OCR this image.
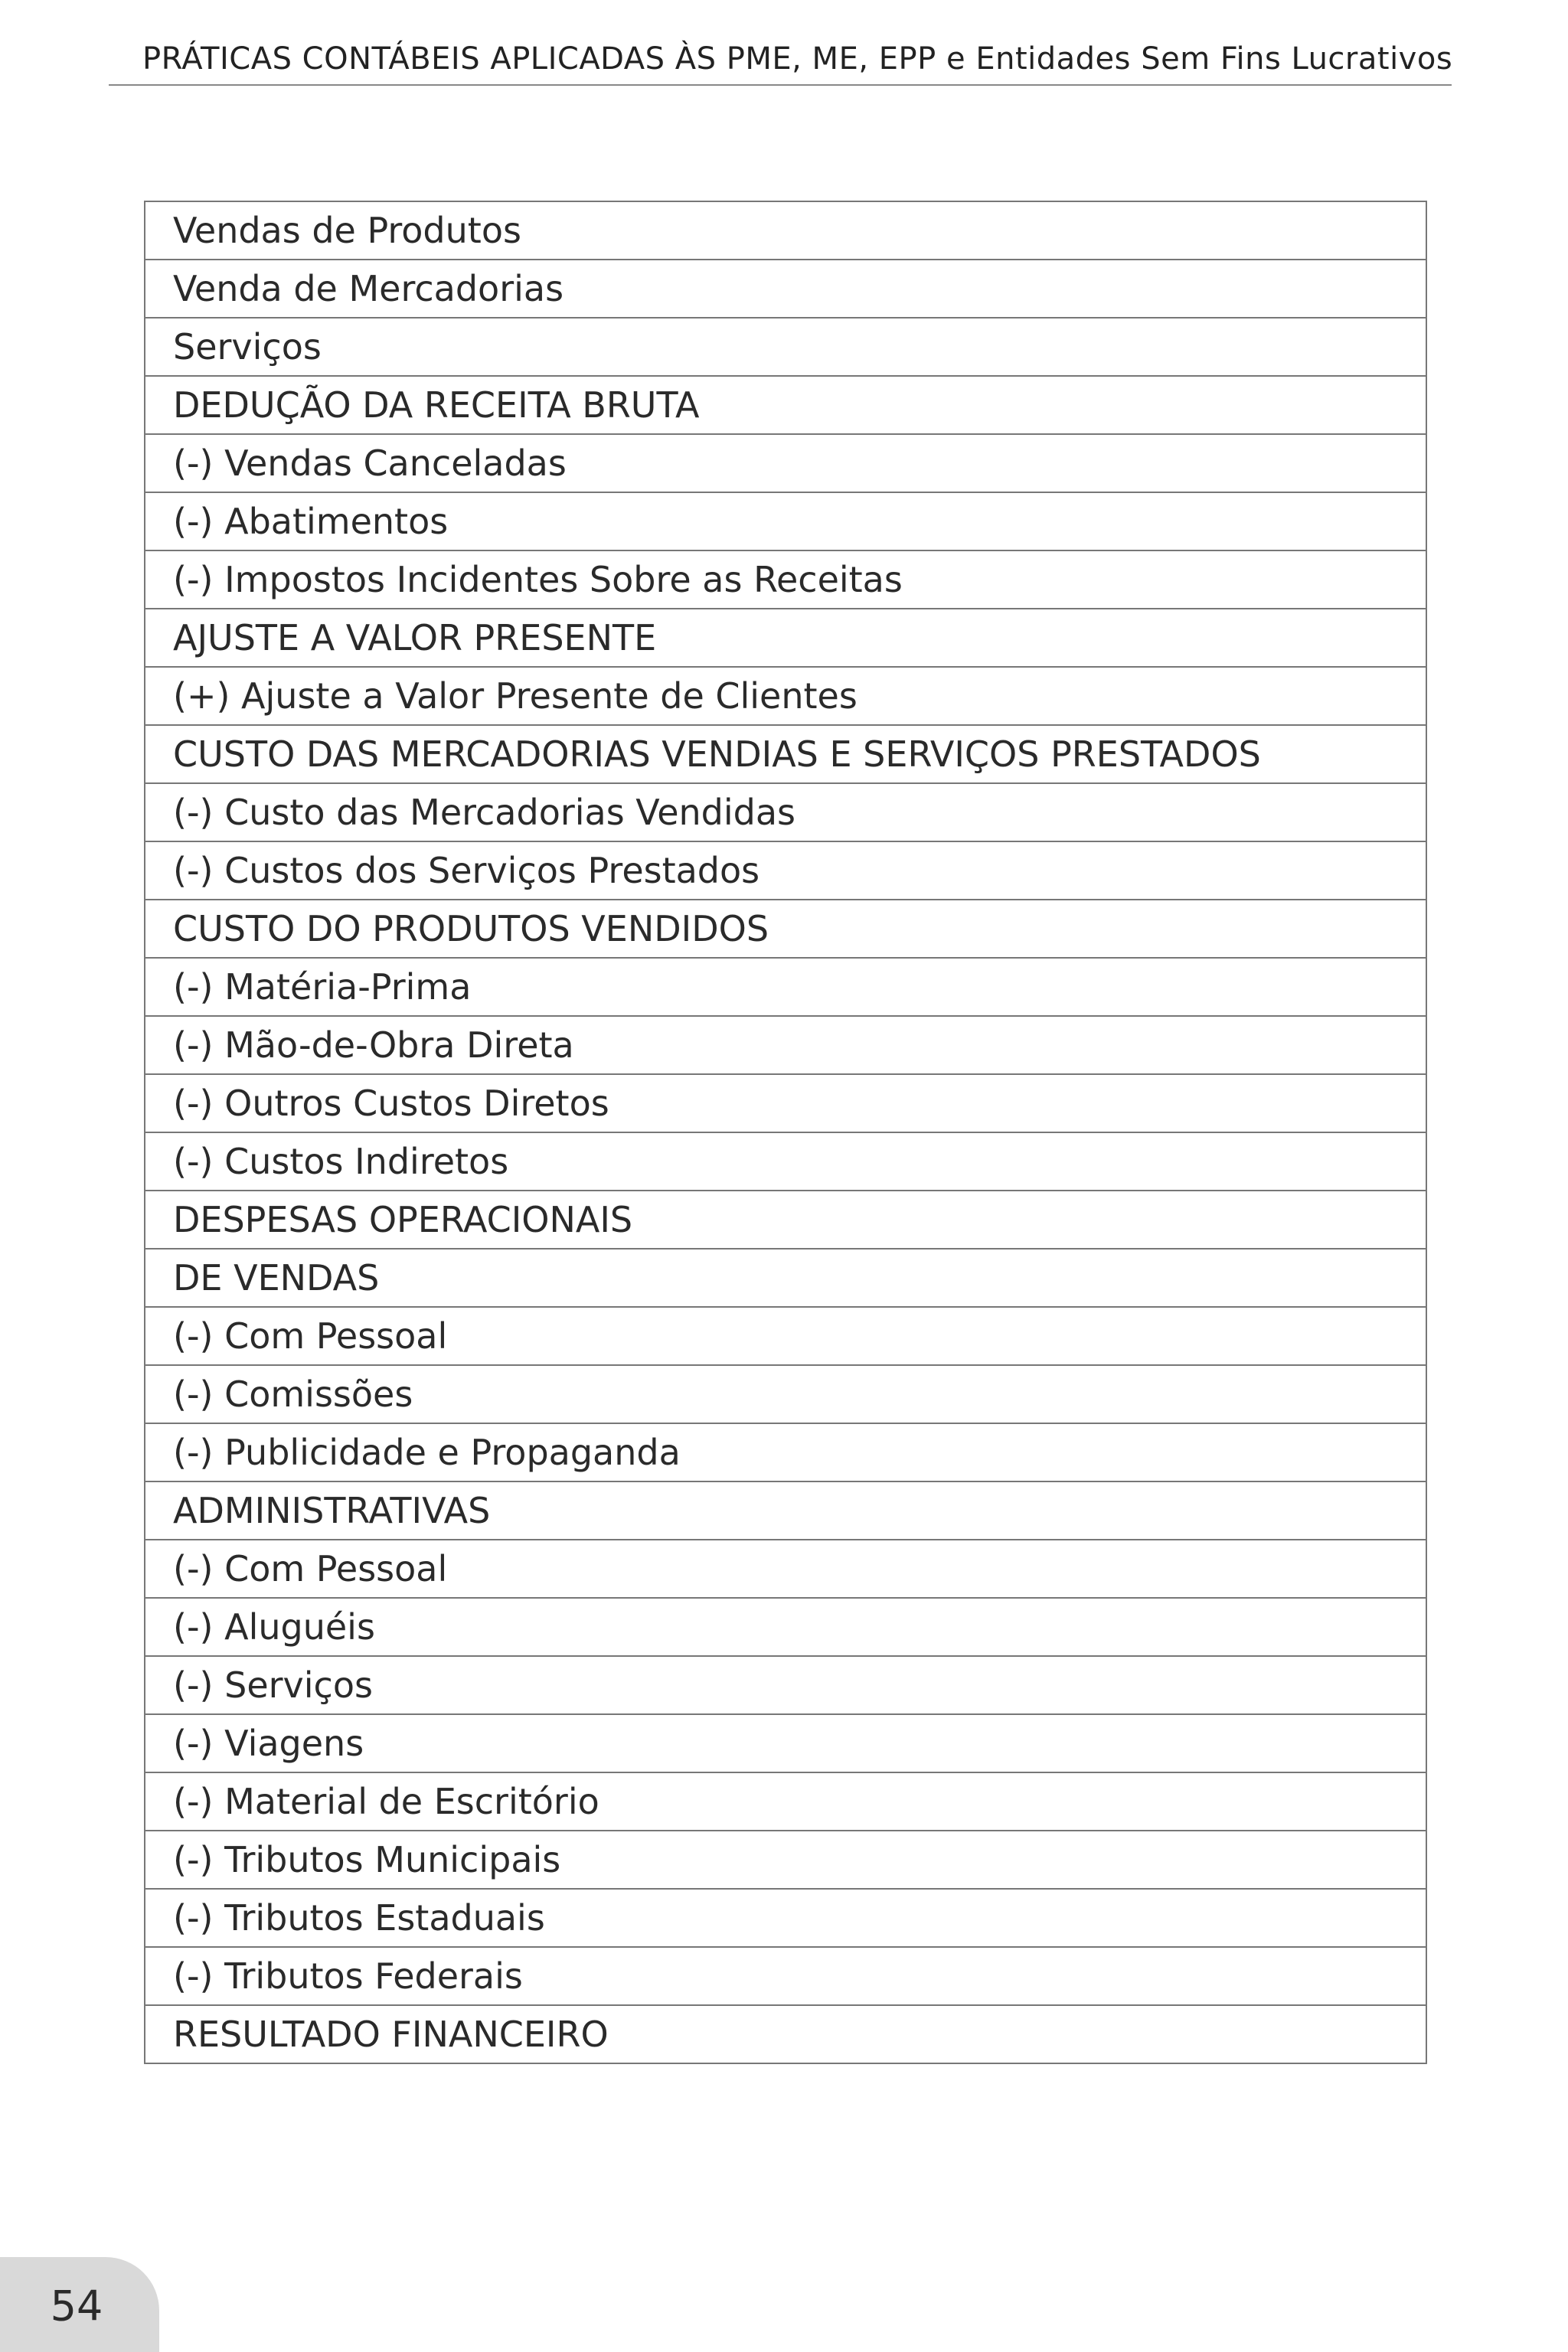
PRÁTICAS CONTÁBEIS APLICADAS ÀS PME, ME, EPP e Entidades Sem Fins Lucrativos
Vendas de Produtos
Venda de Mercadorias
Serviços
DEDUÇÃO DA RECEITA BRUTA
(-) Vendas Canceladas
(-) Abatimentos
(-) Impostos Incidentes Sobre as Receitas
AJUSTE A VALOR PRESENTE
(+) Ajuste a Valor Presente de Clientes
CUSTO DAS MERCADORIAS VENDIAS E SERVIÇOS PRESTADOS
(-) Custo das Mercadorias Vendidas
(-) Custos dos Serviços Prestados
CUSTO DO PRODUTOS VENDIDOS
(-) Matéria-Prima
(-) Mão-de-Obra Direta
(-) Outros Custos Diretos
(-) Custos Indiretos
DESPESAS OPERACIONAIS
DE VENDAS
(-) Com Pessoal
(-) Comissões
(-) Publicidade e Propaganda
ADMINISTRATIVAS
(-) Com Pessoal
(-) Aluguéis
(-) Serviços
(-) Viagens
(-) Material de Escritório
(-) Tributos Municipais
(-) Tributos Estaduais
(-) Tributos Federais
RESULTADO FINANCEIRO
54
